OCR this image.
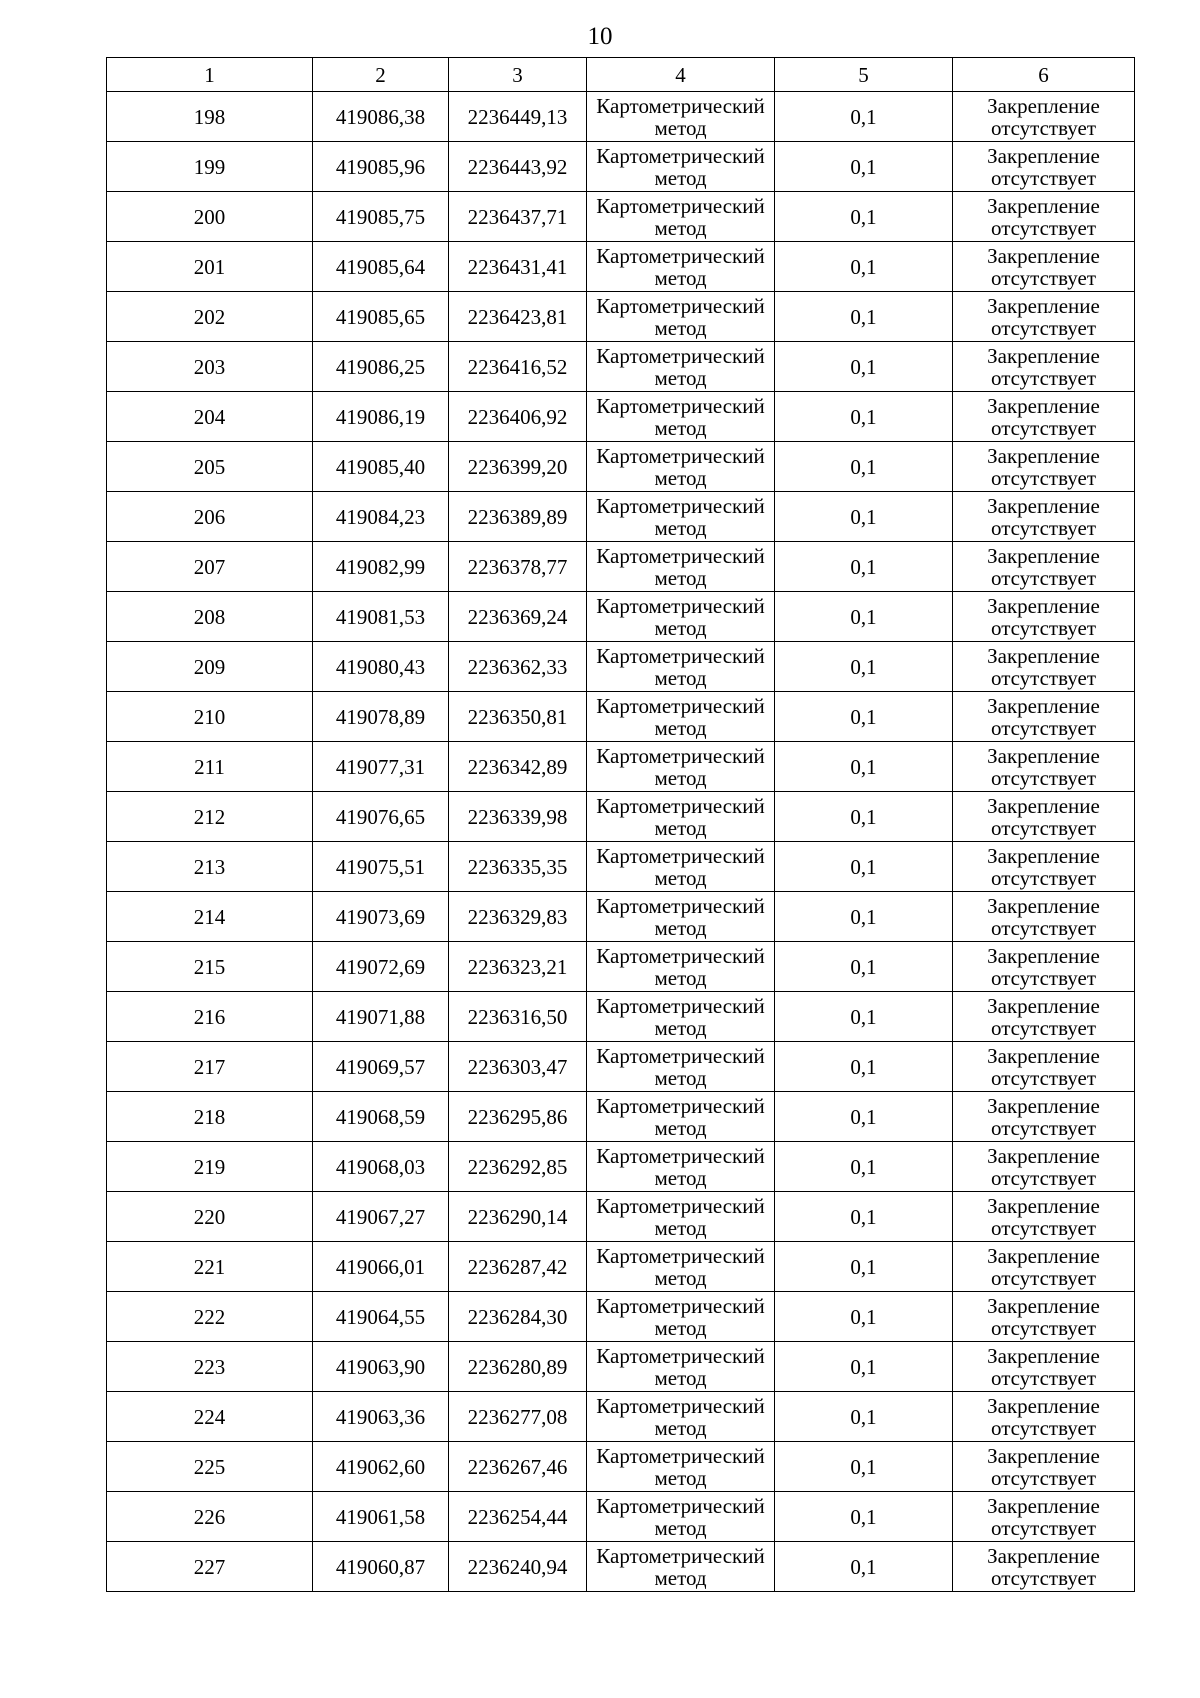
10
1	2	3	4	5	6
198	419086,38	2236449,13	Картометрический метод	0,1	Закрепление отсутствует

199	419085,96	2236443,92	Картометрический метод	0,1	Закрепление отсутствует

200	419085,75	2236437,71	Картометрический метод	0,1	Закрепление отсутствует

201	419085,64	2236431,41	Картометрический метод	0,1	Закрепление отсутствует

202	419085,65	2236423,81	Картометрический метод	0,1	Закрепление отсутствует

203	419086,25	2236416,52	Картометрический метод	0,1	Закрепление отсутствует

204	419086,19	2236406,92	Картометрический метод	0,1	Закрепление отсутствует

205	419085,40	2236399,20	Картометрический метод	0,1	Закрепление отсутствует

206	419084,23	2236389,89	Картометрический метод	0,1	Закрепление отсутствует

207	419082,99	2236378,77	Картометрический метод	0,1	Закрепление отсутствует

208	419081,53	2236369,24	Картометрический метод	0,1	Закрепление отсутствует

209	419080,43	2236362,33	Картометрический метод	0,1	Закрепление отсутствует

210	419078,89	2236350,81	Картометрический метод	0,1	Закрепление отсутствует

211	419077,31	2236342,89	Картометрический метод	0,1	Закрепление отсутствует

212	419076,65	2236339,98	Картометрический метод	0,1	Закрепление отсутствует

213	419075,51	2236335,35	Картометрический метод	0,1	Закрепление отсутствует

214	419073,69	2236329,83	Картометрический метод	0,1	Закрепление отсутствует

215	419072,69	2236323,21	Картометрический метод	0,1	Закрепление отсутствует

216	419071,88	2236316,50	Картометрический метод	0,1	Закрепление отсутствует

217	419069,57	2236303,47	Картометрический метод	0,1	Закрепление отсутствует

218	419068,59	2236295,86	Картометрический метод	0,1	Закрепление отсутствует

219	419068,03	2236292,85	Картометрический метод	0,1	Закрепление отсутствует

220	419067,27	2236290,14	Картометрический метод	0,1	Закрепление отсутствует

221	419066,01	2236287,42	Картометрический метод	0,1	Закрепление отсутствует

222	419064,55	2236284,30	Картометрический метод	0,1	Закрепление отсутствует

223	419063,90	2236280,89	Картометрический метод	0,1	Закрепление отсутствует

224	419063,36	2236277,08	Картометрический метод	0,1	Закрепление отсутствует

225	419062,60	2236267,46	Картометрический метод	0,1	Закрепление отсутствует

226	419061,58	2236254,44	Картометрический метод	0,1	Закрепление отсутствует

227	419060,87	2236240,94	Картометрический метод	0,1	Закрепление отсутствует
